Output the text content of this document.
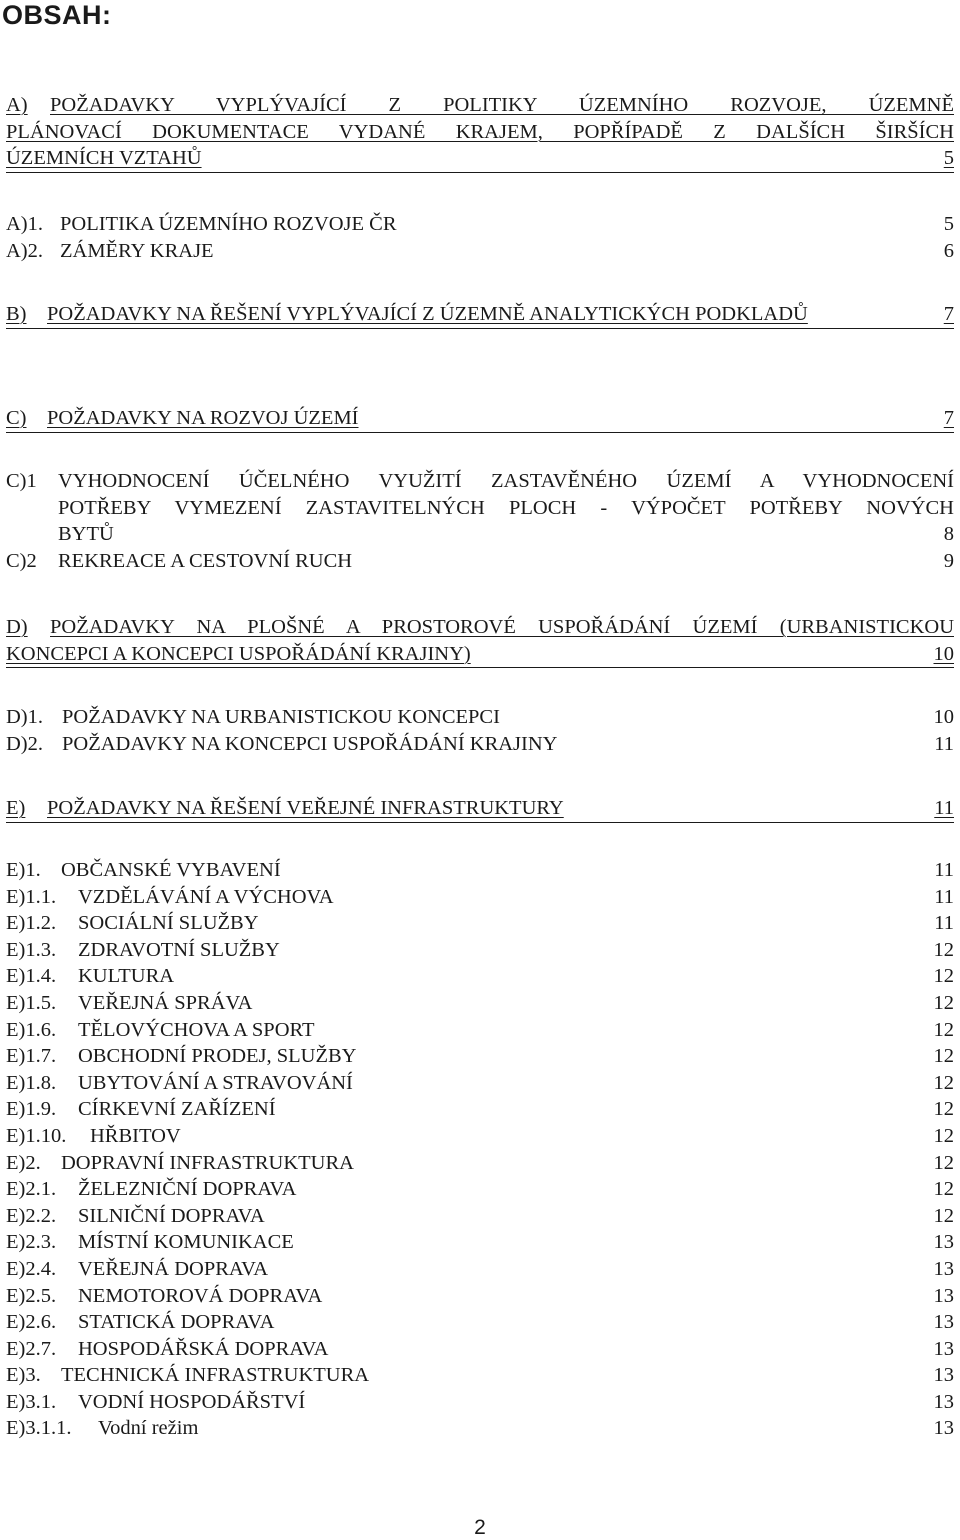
OBSAH:
A)	POŽADAVKY VYPLÝVAJÍCÍ Z POLITIKY ÚZEMNÍHO ROZVOJE, ÚZEMNĚ
PLÁNOVACÍ DOKUMENTACE VYDANÉ KRAJEM, POPŘÍPADĚ Z DALŠÍCH ŠIRŠÍCH
ÚZEMNÍCH VZTAHŮ	5
A)1. POLITIKA ÚZEMNÍHO ROZVOJE ČR	5
A)2. ZÁMĚRY KRAJE	6
B)	POŽADAVKY NA ŘEŠENÍ VYPLÝVAJÍCÍ Z ÚZEMNĚ ANALYTICKÝCH PODKLADŮ	7
C)	POŽADAVKY NA ROZVOJ ÚZEMÍ	7
C)1	VYHODNOCENÍ ÚČELNÉHO VYUŽITÍ ZASTAVĚNÉHO ÚZEMÍ A VYHODNOCENÍ
POTŘEBY VYMEZENÍ ZASTAVITELNÝCH PLOCH - VÝPOČET POTŘEBY NOVÝCH
BYTŮ	8
C)2	REKREACE A CESTOVNÍ RUCH	9
D)	POŽADAVKY NA PLOŠNÉ A PROSTOROVÉ USPOŘÁDÁNÍ ÚZEMÍ (URBANISTICKOU
KONCEPCI A KONCEPCI USPOŘÁDÁNÍ KRAJINY)	10
D)1. POŽADAVKY NA URBANISTICKOU KONCEPCI	10
D)2. POŽADAVKY NA KONCEPCI USPOŘÁDÁNÍ KRAJINY	11
E)	POŽADAVKY NA ŘEŠENÍ VEŘEJNÉ INFRASTRUKTURY	11
E)1. OBČANSKÉ VYBAVENÍ	11
E)1.1.	VZDĚLÁVÁNÍ A VÝCHOVA	11
E)1.2.	SOCIÁLNÍ SLUŽBY	11
E)1.3.	ZDRAVOTNÍ SLUŽBY	12
E)1.4.	KULTURA	12
E)1.5.	VEŘEJNÁ SPRÁVA	12
E)1.6.	TĚLOVÝCHOVA A SPORT	12
E)1.7.	OBCHODNÍ PRODEJ, SLUŽBY	12
E)1.8.	UBYTOVÁNÍ A STRAVOVÁNÍ	12
E)1.9.	CÍRKEVNÍ ZAŘÍZENÍ	12
E)1.10.	HŘBITOV	12
E)2. DOPRAVNÍ INFRASTRUKTURA	12
E)2.1.	ŽELEZNIČNÍ DOPRAVA	12
E)2.2.	SILNIČNÍ DOPRAVA	12
E)2.3.	MÍSTNÍ KOMUNIKACE	13
E)2.4.	VEŘEJNÁ DOPRAVA	13
E)2.5.	NEMOTOROVÁ DOPRAVA	13
E)2.6.	STATICKÁ DOPRAVA	13
E)2.7.	HOSPODÁŘSKÁ DOPRAVA	13
E)3. TECHNICKÁ INFRASTRUKTURA	13
E)3.1.	VODNÍ HOSPODÁŘSTVÍ	13
E)3.1.1.	Vodní režim	13
2
